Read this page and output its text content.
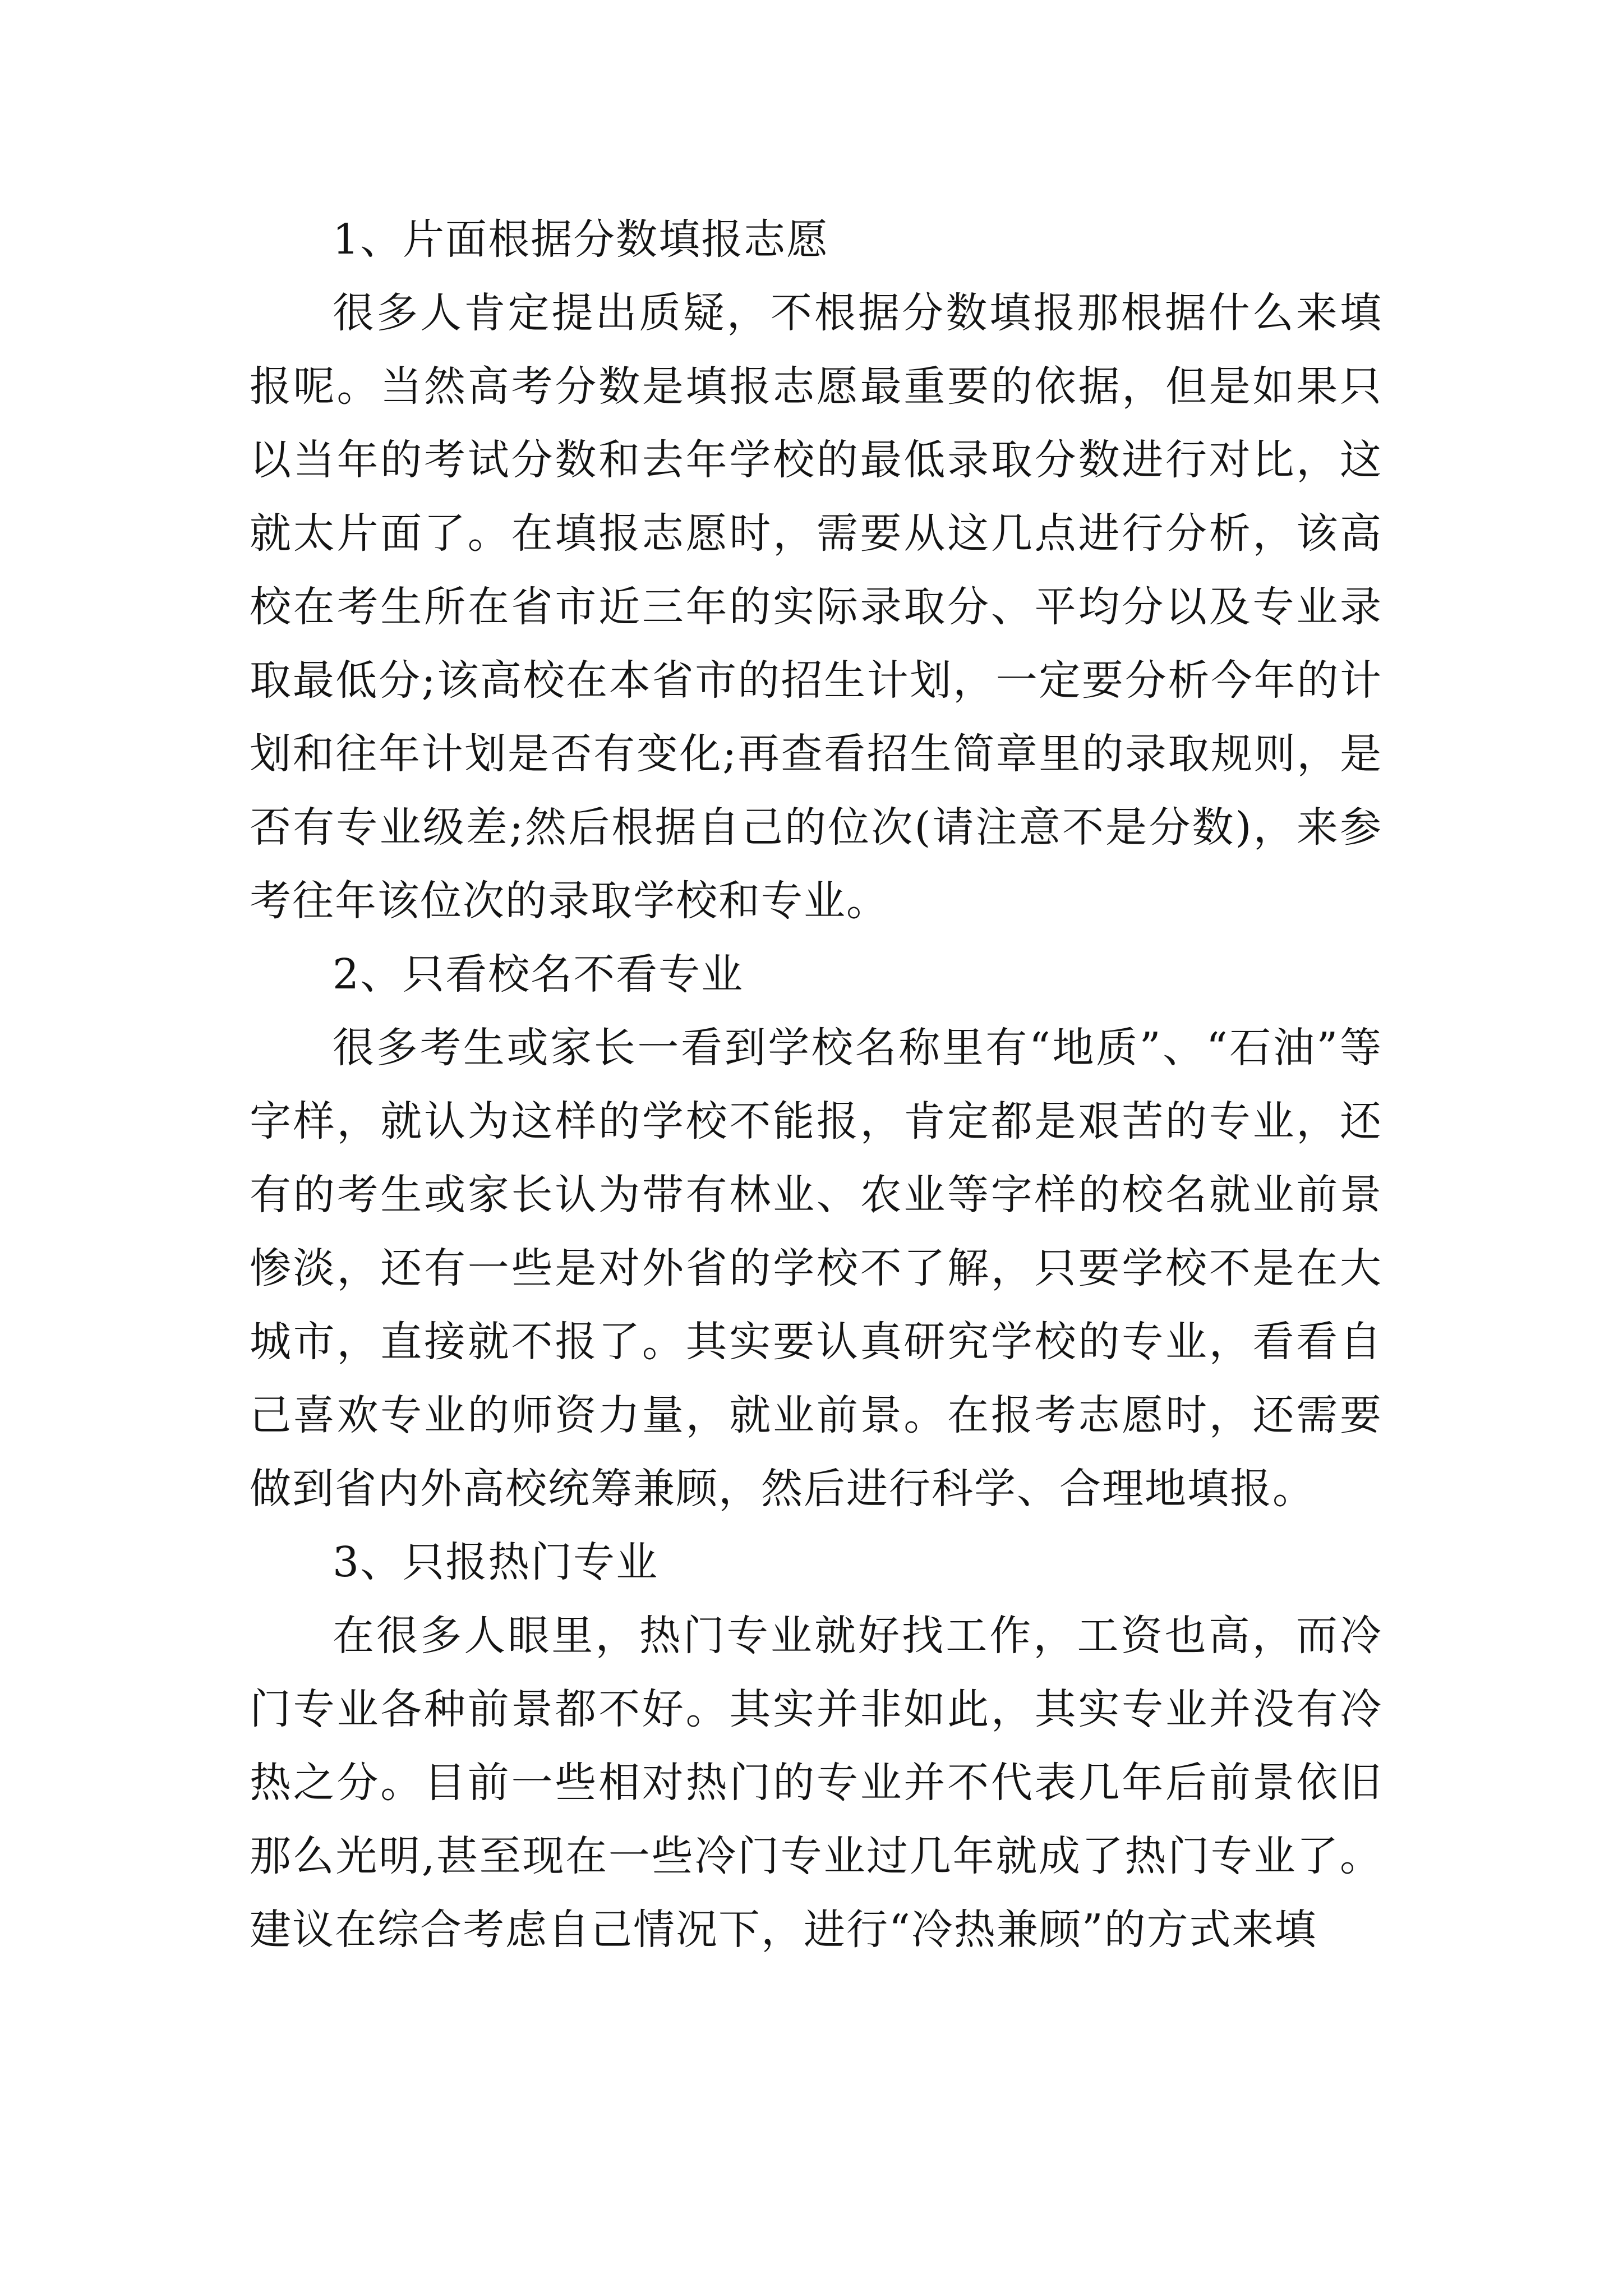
1、片面根据分数填报志愿

很多人肯定提出质疑，不根据分数填报那根据什么来填报呢。当然高考分数是填报志愿最重要的依据，但是如果只以当年的考试分数和去年学校的最低录取分数进行对比，这就太片面了。在填报志愿时，需要从这几点进行分析，该高校在考生所在省市近三年的实际录取分、平均分以及专业录取最低分;该高校在本省市的招生计划，一定要分析今年的计划和往年计划是否有变化;再查看招生简章里的录取规则，是否有专业级差;然后根据自己的位次(请注意不是分数)，来参考往年该位次的录取学校和专业。

2、只看校名不看专业

很多考生或家长一看到学校名称里有“地质”、“石油”等字样，就认为这样的学校不能报，肯定都是艰苦的专业，还有的考生或家长认为带有林业、农业等字样的校名就业前景惨淡，还有一些是对外省的学校不了解，只要学校不是在大城市，直接就不报了。其实要认真研究学校的专业，看看自己喜欢专业的师资力量，就业前景。在报考志愿时，还需要做到省内外高校统筹兼顾，然后进行科学、合理地填报。

3、只报热门专业

在很多人眼里，热门专业就好找工作，工资也高，而冷门专业各种前景都不好。其实并非如此，其实专业并没有冷热之分。目前一些相对热门的专业并不代表几年后前景依旧那么光明,甚至现在一些冷门专业过几年就成了热门专业了。建议在综合考虑自己情况下，进行“冷热兼顾”的方式来填
